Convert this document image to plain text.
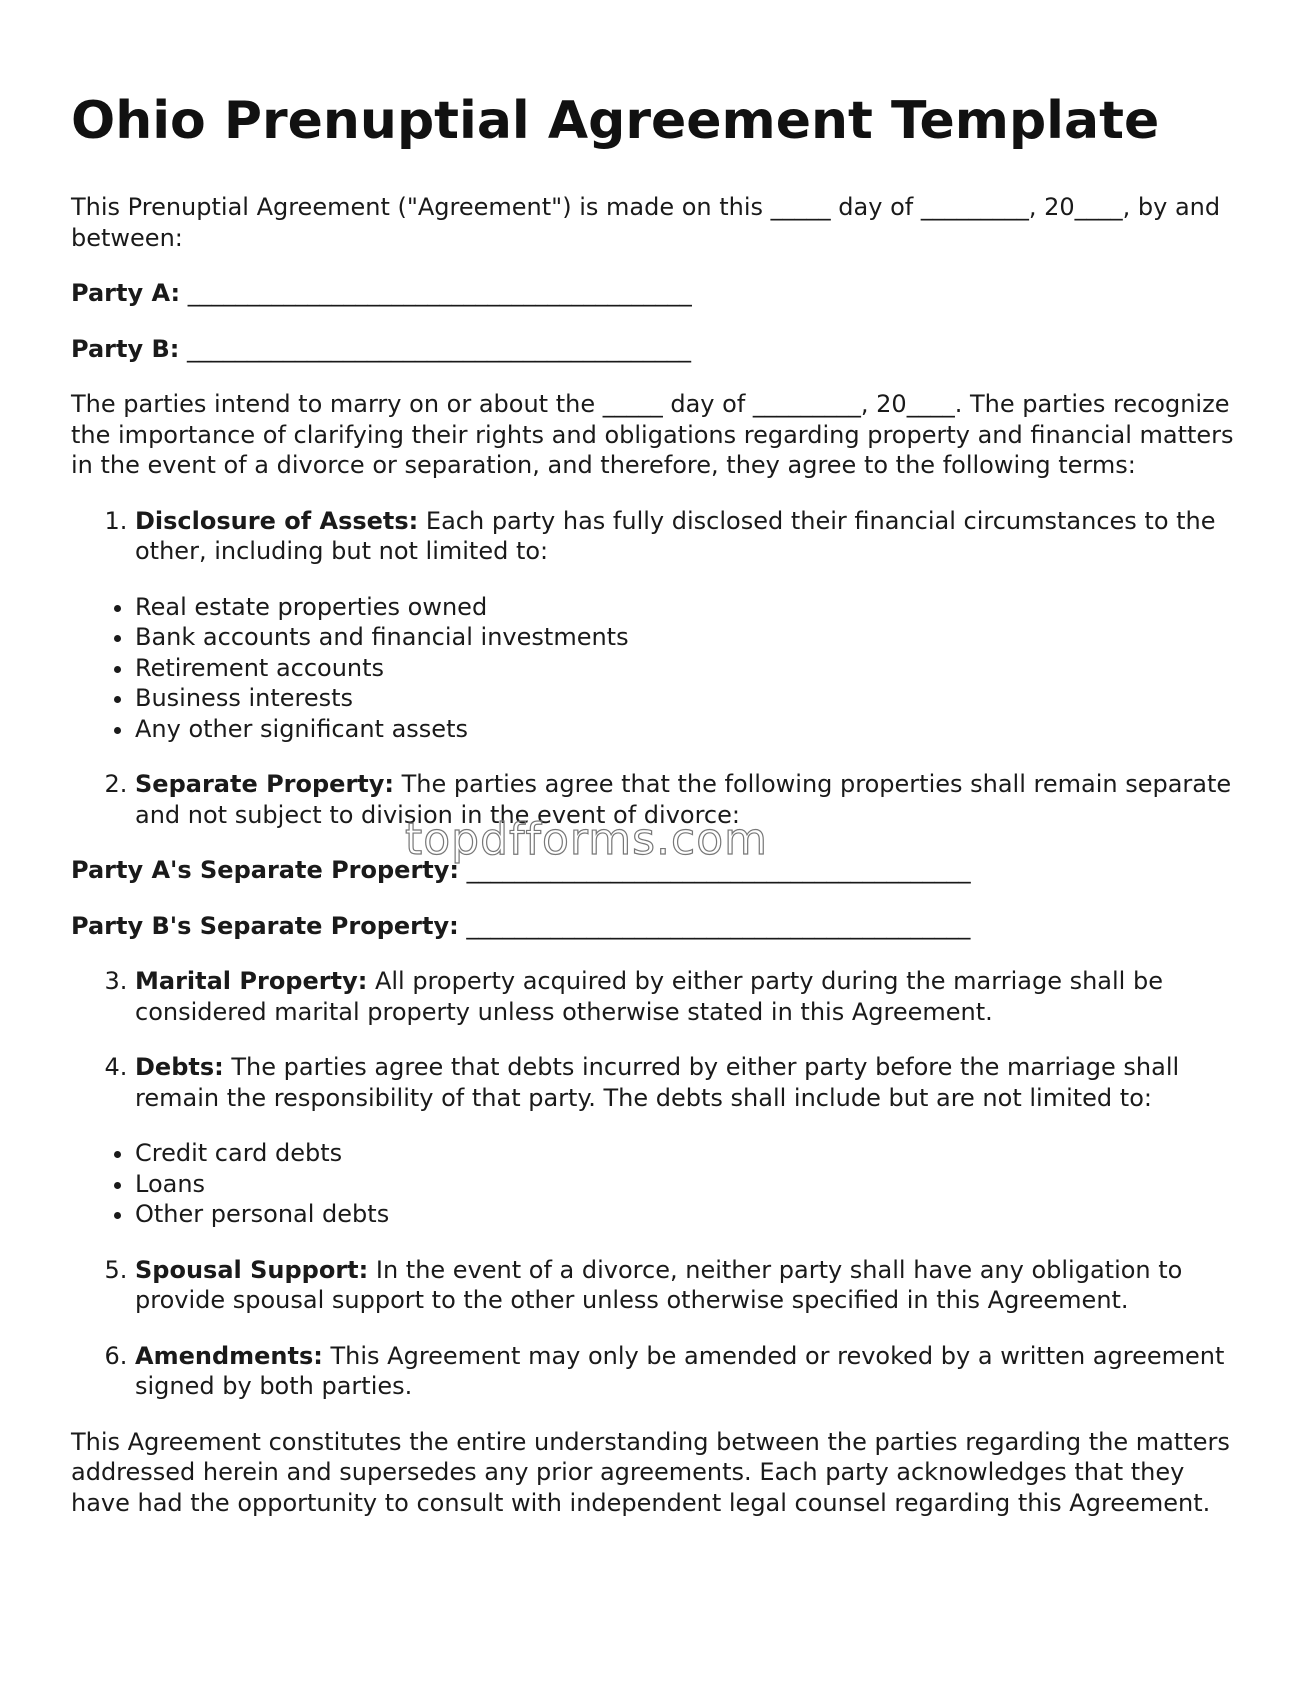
Ohio Prenuptial Agreement Template

This Prenuptial Agreement ("Agreement") is made on this _____ day of _________, 20____, by and between:

Party A: __________________________________________

Party B: __________________________________________

The parties intend to marry on or about the _____ day of _________, 20____. The parties recognize the importance of clarifying their rights and obligations regarding property and financial matters in the event of a divorce or separation, and therefore, they agree to the following terms:

1. Disclosure of Assets: Each party has fully disclosed their financial circumstances to the other, including but not limited to:
• Real estate properties owned
• Bank accounts and financial investments
• Retirement accounts
• Business interests
• Any other significant assets
2. Separate Property: The parties agree that the following properties shall remain separate and not subject to division in the event of divorce:

Party A's Separate Property: __________________________________________

Party B's Separate Property: __________________________________________

3. Marital Property: All property acquired by either party during the marriage shall be considered marital property unless otherwise stated in this Agreement.
4. Debts: The parties agree that debts incurred by either party before the marriage shall remain the responsibility of that party. The debts shall include but are not limited to:
• Credit card debts
• Loans
• Other personal debts
5. Spousal Support: In the event of a divorce, neither party shall have any obligation to provide spousal support to the other unless otherwise specified in this Agreement.
6. Amendments: This Agreement may only be amended or revoked by a written agreement signed by both parties.

This Agreement constitutes the entire understanding between the parties regarding the matters addressed herein and supersedes any prior agreements. Each party acknowledges that they have had the opportunity to consult with independent legal counsel regarding this Agreement.

topdfforms.com
